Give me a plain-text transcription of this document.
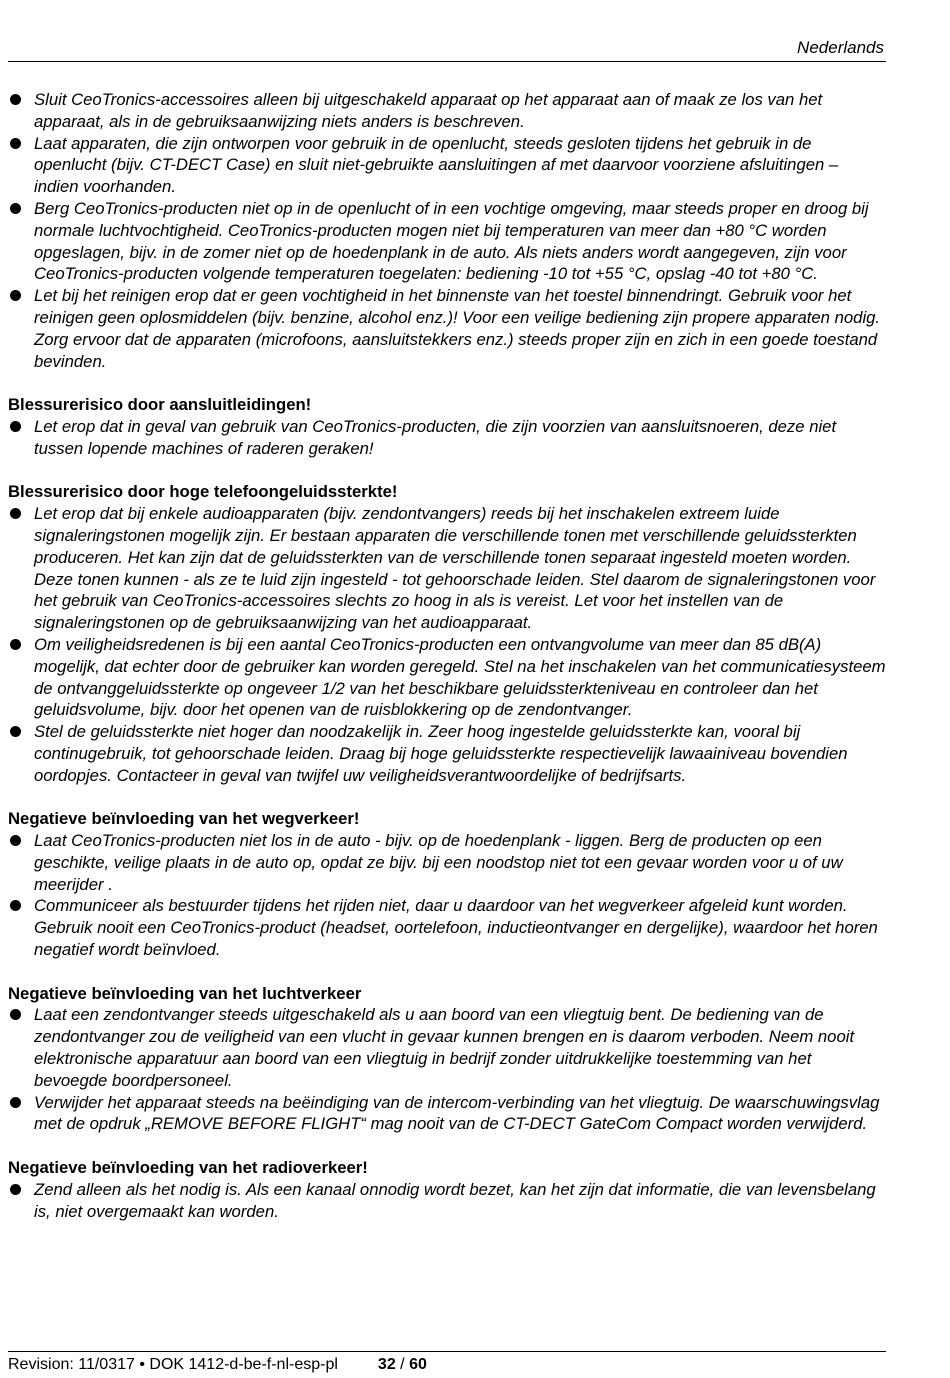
Nederlands
Sluit CeoTronics-accessoires alleen bij uitgeschakeld apparaat op het apparaat aan of maak ze los van het apparaat, als in de gebruiksaanwijzing niets anders is beschreven.
Laat apparaten, die zijn ontworpen voor gebruik in de openlucht, steeds gesloten tijdens het gebruik in de openlucht (bijv. CT-DECT Case) en sluit niet-gebruikte aansluitingen af met daarvoor voorziene afsluitingen – indien voorhanden.
Berg CeoTronics-producten niet op in de openlucht of in een vochtige omgeving, maar steeds proper en droog bij normale luchtvochtigheid. CeoTronics-producten mogen niet bij temperaturen van meer dan +80 °C worden opgeslagen, bijv. in de zomer niet op de hoedenplank in de auto. Als niets anders wordt aangegeven, zijn voor CeoTronics-producten volgende temperaturen toegelaten: bediening -10 tot +55 °C, opslag -40 tot +80 °C.
Let bij het reinigen erop dat er geen vochtigheid in het binnenste van het toestel binnendringt. Gebruik voor het reinigen geen oplosmiddelen (bijv. benzine, alcohol enz.)! Voor een veilige bediening zijn propere apparaten nodig. Zorg ervoor dat de apparaten (microfoons, aansluitstekkers enz.) steeds proper zijn en zich in een goede toestand bevinden.
Blessurerisico door aansluitleidingen!
Let erop dat in geval van gebruik van CeoTronics-producten, die zijn voorzien van aansluitsnoeren, deze niet tussen lopende machines of raderen geraken!
Blessurerisico door hoge telefoongeluidssterkte!
Let erop dat bij enkele audioapparaten (bijv. zendontvangers) reeds bij het inschakelen extreem luide signaleringstonen mogelijk zijn. Er bestaan apparaten die verschillende tonen met verschillende geluidssterkten produceren. Het kan zijn dat de geluidssterkten van de verschillende tonen separaat ingesteld moeten worden. Deze tonen kunnen - als ze te luid zijn ingesteld - tot gehoorschade leiden. Stel daarom de signaleringstonen voor het gebruik van CeoTronics-accessoires slechts zo hoog in als is vereist. Let voor het instellen van de signaleringstonen op de gebruiksaanwijzing van het audioapparaat.
Om veiligheidsredenen is bij een aantal CeoTronics-producten een ontvangvolume van meer dan 85 dB(A) mogelijk, dat echter door de gebruiker kan worden geregeld. Stel na het inschakelen van het communicatiesysteem de ontvanggeluidssterkte op ongeveer 1/2 van het beschikbare geluidssterkteniveau en controleer dan het geluidsvolume, bijv. door het openen van de ruisblokkering op de zendontvanger.
Stel de geluidssterkte niet hoger dan noodzakelijk in. Zeer hoog ingestelde geluidssterkte kan, vooral bij continugebruik, tot gehoorschade leiden. Draag bij hoge geluidssterkte respectievelijk lawaainiveau bovendien oordopjes. Contacteer in geval van twijfel uw veiligheidsverantwoordelijke of bedrijfsarts.
Negatieve beïnvloeding van het wegverkeer!
Laat CeoTronics-producten niet los in de auto - bijv. op de hoedenplank - liggen. Berg de producten op een geschikte, veilige plaats in de auto op, opdat ze bijv. bij een noodstop niet tot een gevaar worden voor u of uw meerijder .
Communiceer als bestuurder tijdens het rijden niet, daar u daardoor van het wegverkeer afgeleid kunt worden. Gebruik nooit een CeoTronics-product (headset, oortelefoon, inductieontvanger en dergelijke), waardoor het horen negatief wordt beïnvloed.
Negatieve beïnvloeding van het luchtverkeer
Laat een zendontvanger steeds uitgeschakeld als u aan boord van een vliegtuig bent. De bediening van de zendontvanger zou de veiligheid van een vlucht in gevaar kunnen brengen en is daarom verboden. Neem nooit elektronische apparatuur aan boord van een vliegtuig in bedrijf zonder uitdrukkelijke toestemming van het bevoegde boordpersoneel.
Verwijder het apparaat steeds na beëindiging van de intercom-verbinding van het vliegtuig. De waarschuwingsvlag met de opdruk „REMOVE BEFORE FLIGHT“ mag nooit van de CT-DECT GateCom Compact worden verwijderd.
Negatieve beïnvloeding van het radioverkeer!
Zend alleen als het nodig is. Als een kanaal onnodig wordt bezet, kan het zijn dat informatie, die van levensbelang is, niet overgemaakt kan worden.
Revision: 11/0317 • DOK 1412-d-be-f-nl-esp-pl	32 / 60
